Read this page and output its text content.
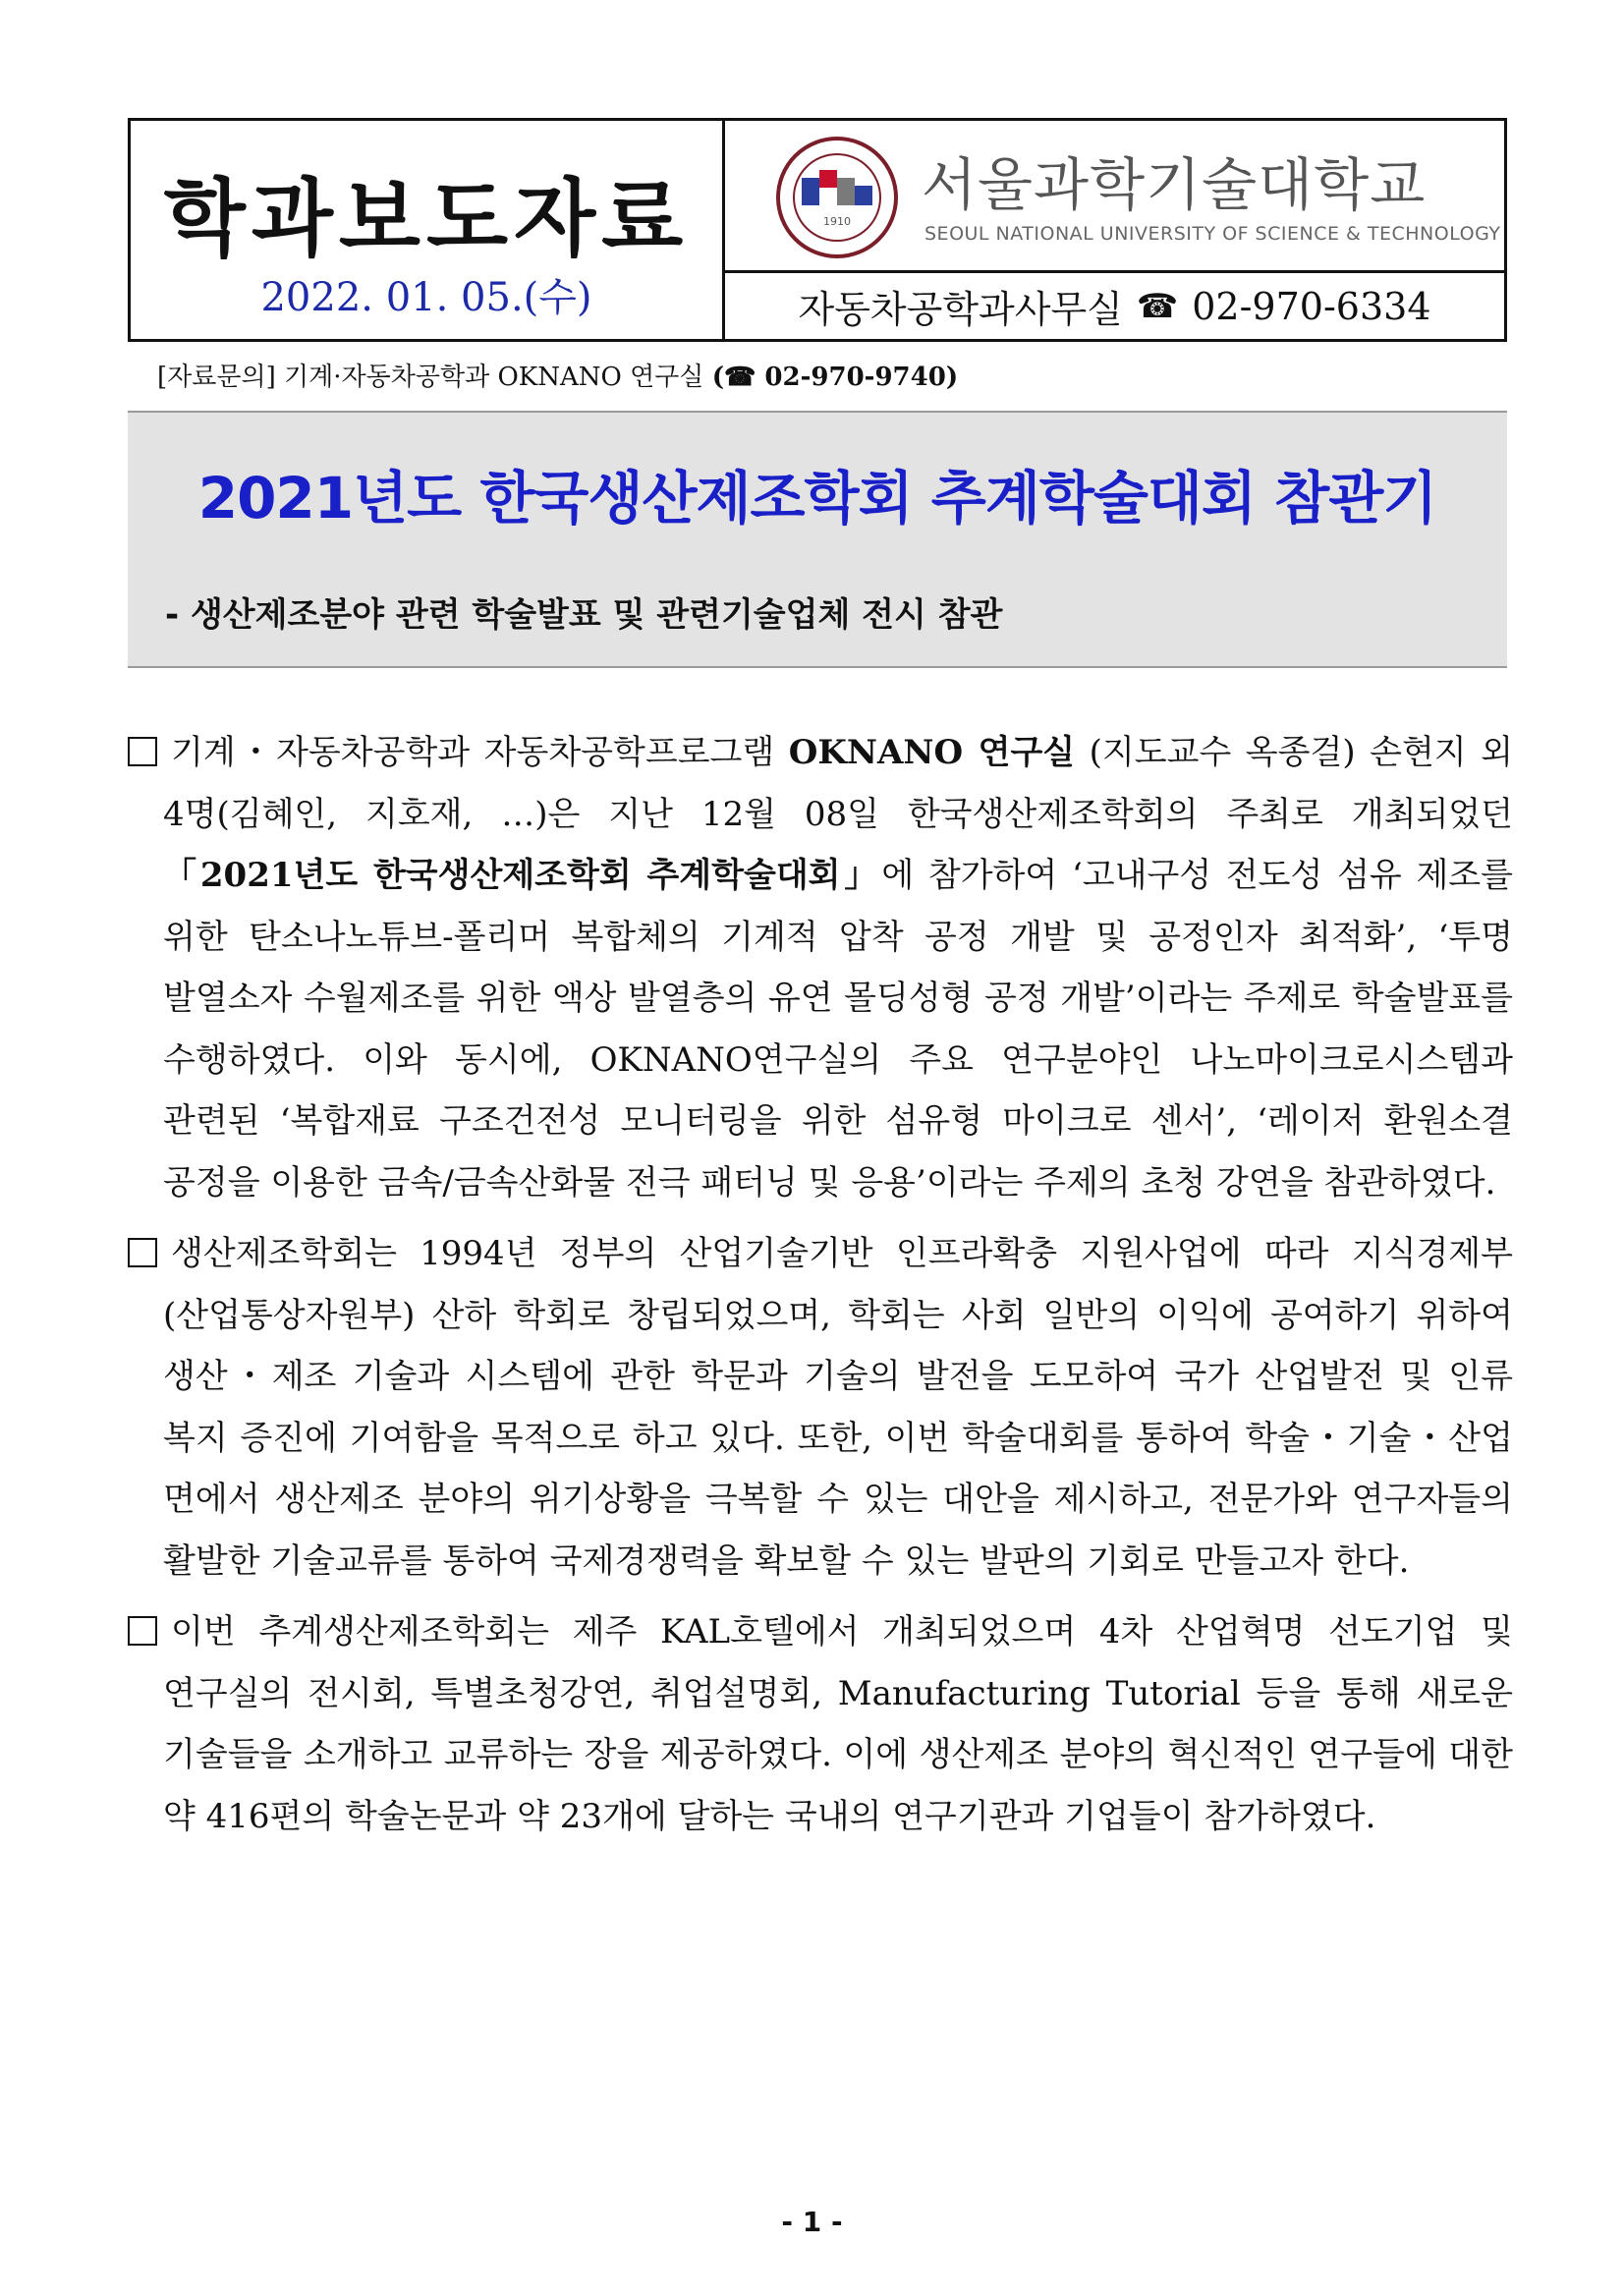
학과보도자료
2022. 01. 05.(수)
1910
서울과학기술대학교
SEOUL NATIONAL UNIVERSITY OF SCIENCE & TECHNOLOGY
자동차공학과사무실 ☎ 02-970-6334
[자료문의] 기계·자동차공학과 OKNANO 연구실 (☎ 02-970-9740)
2021년도 한국생산제조학회 추계학술대회 참관기
- 생산제조분야 관련 학술발표 및 관련기술업체 전시 참관

기계・자동차공학과 자동차공학프로그램 OKNANO 연구실 (지도교수 옥종걸) 손현지 외 4명(김혜인, 지호재, …)은 지난 12월 08일 한국생산제조학회의 주최로 개최되었던 「2021년도 한국생산제조학회 추계학술대회」에 참가하여 ‘고내구성 전도성 섬유 제조를 위한 탄소나노튜브-폴리머 복합체의 기계적 압착 공정 개발 및 공정인자 최적화’, ‘투명 발열소자 수월제조를 위한 액상 발열층의 유연 몰딩성형 공정 개발’이라는 주제로 학술발표를 수행하였다. 이와 동시에, OKNANO연구실의 주요 연구분야인 나노마이크로시스템과 관련된 ‘복합재료 구조건전성 모니터링을 위한 섬유형 마이크로 센서’, ‘레이저 환원소결 공정을 이용한 금속/금속산화물 전극 패터닝 및 응용’이라는 주제의 초청 강연을 참관하였다.

생산제조학회는 1994년 정부의 산업기술기반 인프라확충 지원사업에 따라 지식경제부(산업통상자원부) 산하 학회로 창립되었으며, 학회는 사회 일반의 이익에 공여하기 위하여 생산・제조 기술과 시스템에 관한 학문과 기술의 발전을 도모하여 국가 산업발전 및 인류 복지 증진에 기여함을 목적으로 하고 있다. 또한, 이번 학술대회를 통하여 학술・기술・산업 면에서 생산제조 분야의 위기상황을 극복할 수 있는 대안을 제시하고, 전문가와 연구자들의 활발한 기술교류를 통하여 국제경쟁력을 확보할 수 있는 발판의 기회로 만들고자 한다.

이번 추계생산제조학회는 제주 KAL호텔에서 개최되었으며 4차 산업혁명 선도기업 및 연구실의 전시회, 특별초청강연, 취업설명회, Manufacturing Tutorial 등을 통해 새로운 기술들을 소개하고 교류하는 장을 제공하였다. 이에 생산제조 분야의 혁신적인 연구들에 대한 약 416편의 학술논문과 약 23개에 달하는 국내의 연구기관과 기업들이 참가하였다.

- 1 -
